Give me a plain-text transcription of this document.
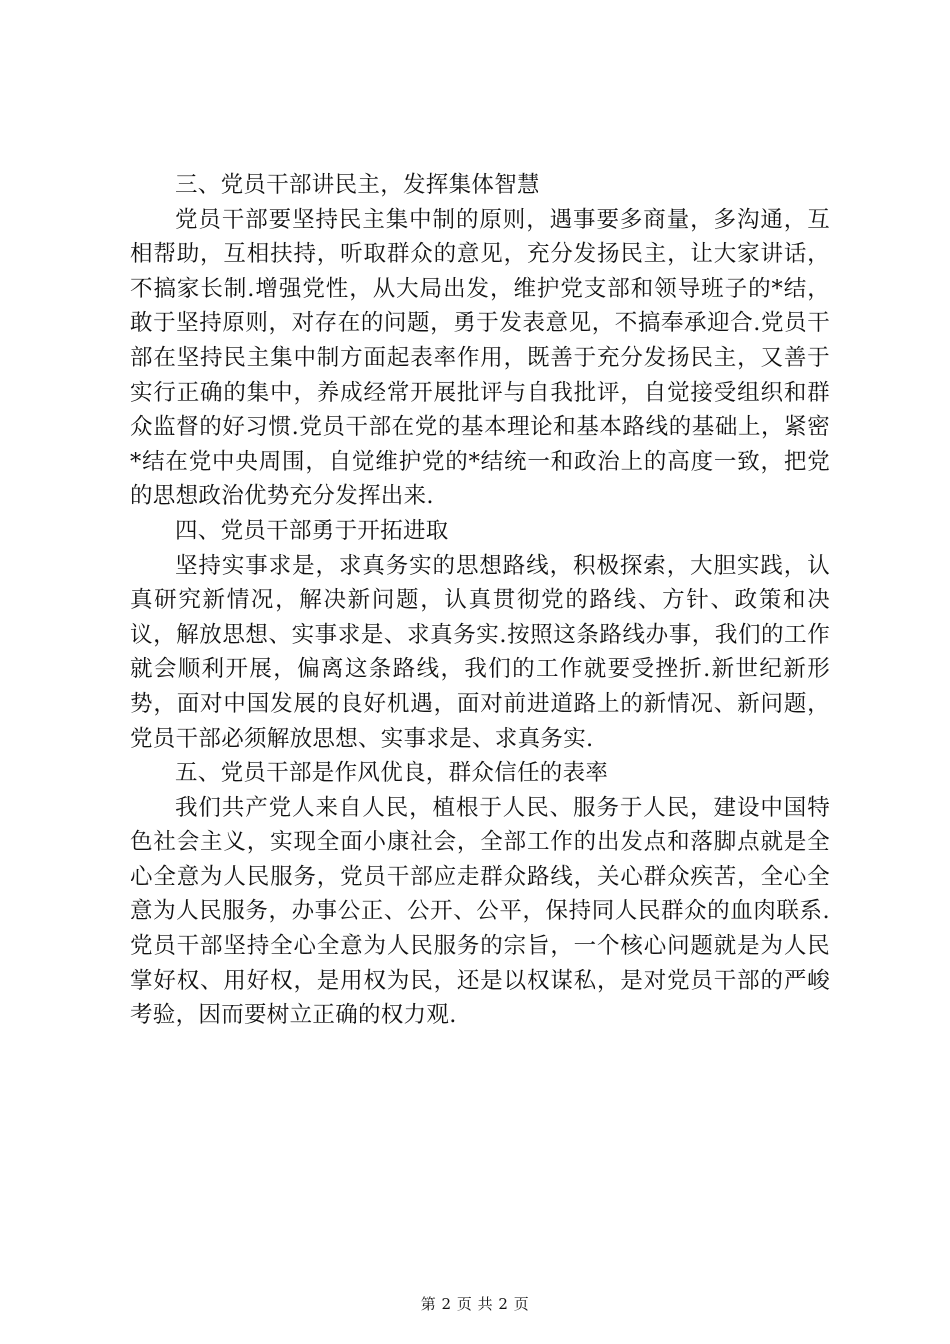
三、党员干部讲民主，发挥集体智慧

党员干部要坚持民主集中制的原则，遇事要多商量，多沟通，互相帮助，互相扶持，听取群众的意见，充分发扬民主，让大家讲话，不搞家长制.增强党性，从大局出发，维护党支部和领导班子的*结，敢于坚持原则，对存在的问题，勇于发表意见，不搞奉承迎合.党员干部在坚持民主集中制方面起表率作用，既善于充分发扬民主，又善于实行正确的集中，养成经常开展批评与自我批评，自觉接受组织和群众监督的好习惯.党员干部在党的基本理论和基本路线的基础上，紧密*结在党中央周围，自觉维护党的*结统一和政治上的高度一致，把党的思想政治优势充分发挥出来.

四、党员干部勇于开拓进取

坚持实事求是，求真务实的思想路线，积极探索，大胆实践，认真研究新情况，解决新问题，认真贯彻党的路线、方针、政策和决议，解放思想、实事求是、求真务实.按照这条路线办事，我们的工作就会顺利开展，偏离这条路线，我们的工作就要受挫折.新世纪新形势，面对中国发展的良好机遇，面对前进道路上的新情况、新问题，党员干部必须解放思想、实事求是、求真务实.

五、党员干部是作风优良，群众信任的表率

我们共产党人来自人民，植根于人民、服务于人民，建设中国特色社会主义，实现全面小康社会，全部工作的出发点和落脚点就是全心全意为人民服务，党员干部应走群众路线，关心群众疾苦，全心全意为人民服务，办事公正、公开、公平，保持同人民群众的血肉联系.党员干部坚持全心全意为人民服务的宗旨，一个核心问题就是为人民掌好权、用好权，是用权为民，还是以权谋私，是对党员干部的严峻考验，因而要树立正确的权力观.

第 2 页 共 2 页
